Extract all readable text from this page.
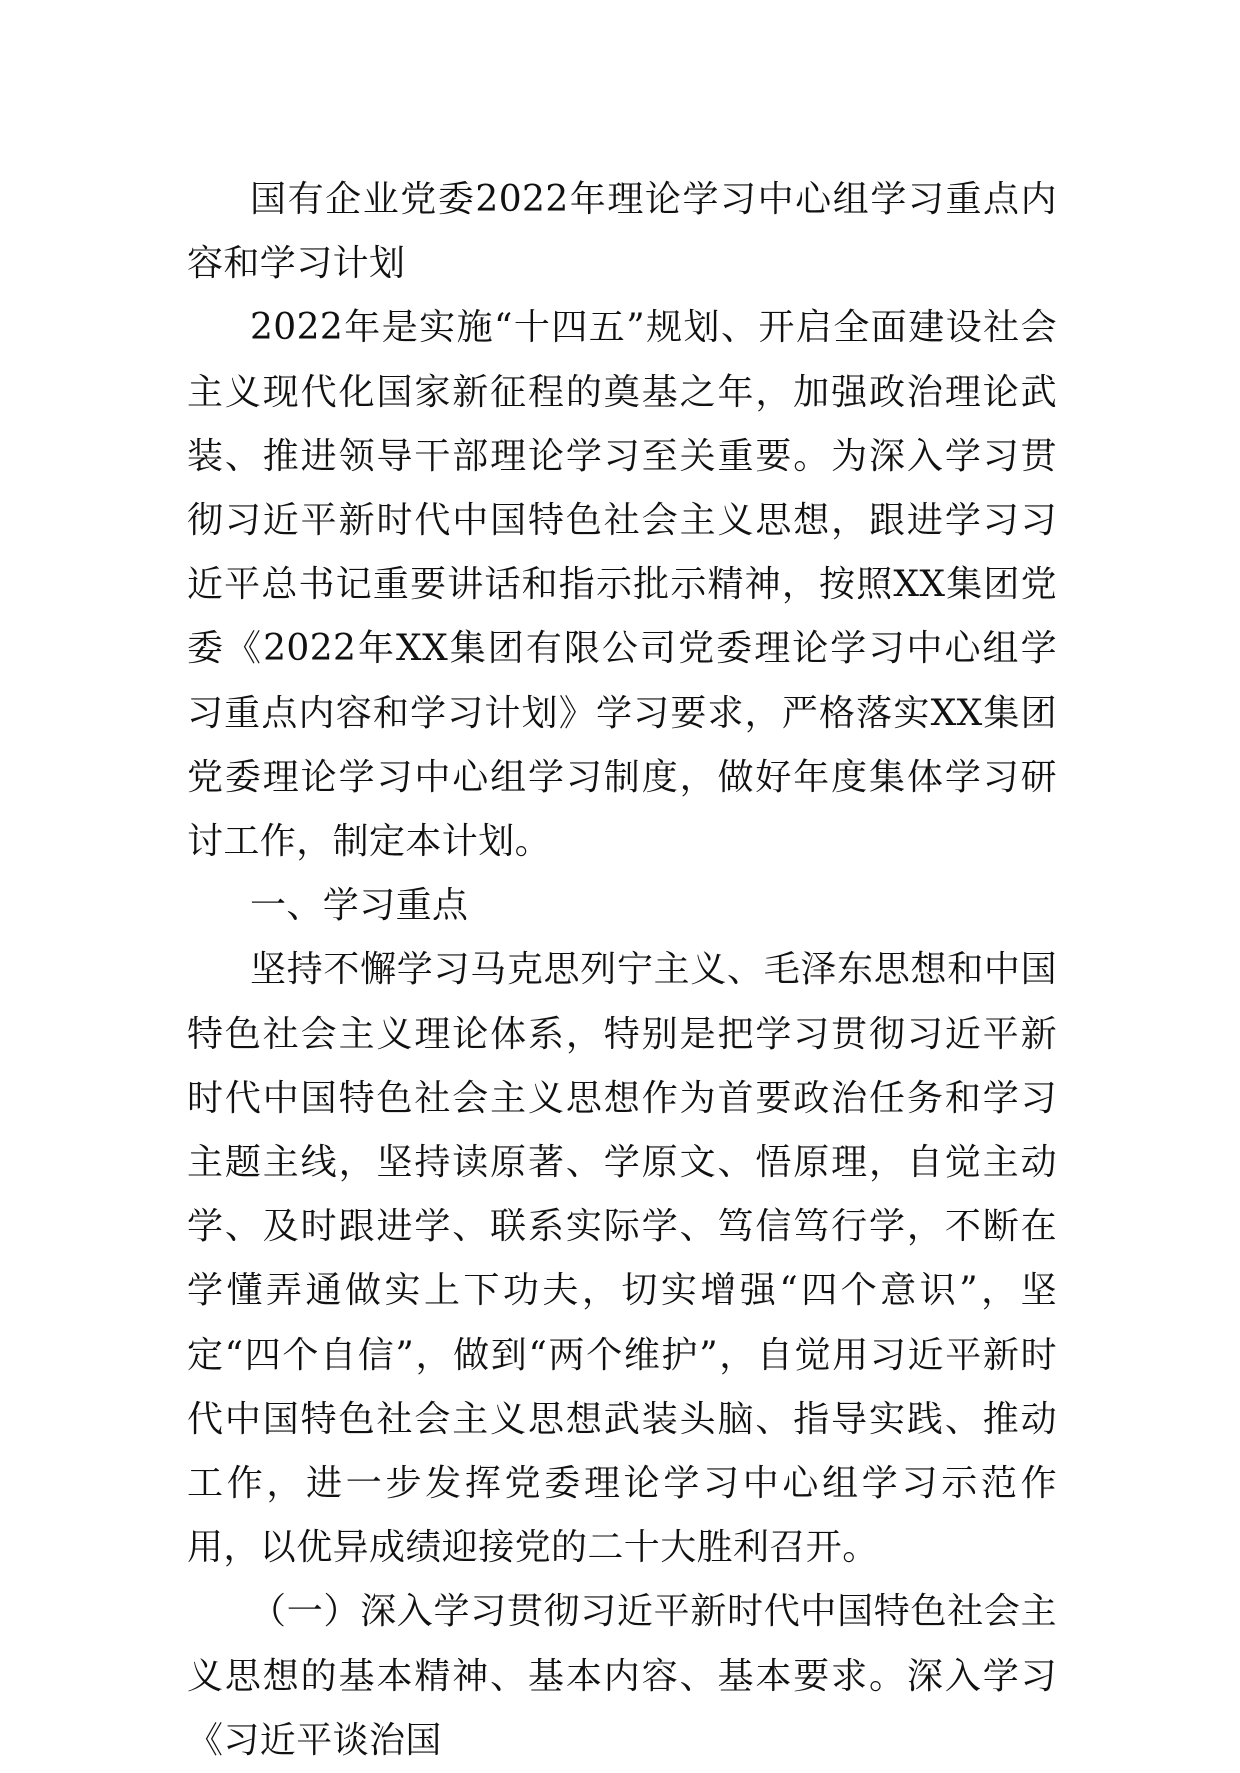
国有企业党委2022年理论学习中心组学习重点内容和学习计划

2022年是实施“十四五”规划、开启全面建设社会主义现代化国家新征程的奠基之年，加强政治理论武装、推进领导干部理论学习至关重要。为深入学习贯彻习近平新时代中国特色社会主义思想，跟进学习习近平总书记重要讲话和指示批示精神，按照XX集团党委《2022年XX集团有限公司党委理论学习中心组学习重点内容和学习计划》学习要求，严格落实XX集团党委理论学习中心组学习制度，做好年度集体学习研讨工作，制定本计划。

一、学习重点

坚持不懈学习马克思列宁主义、毛泽东思想和中国特色社会主义理论体系，特别是把学习贯彻习近平新时代中国特色社会主义思想作为首要政治任务和学习主题主线，坚持读原著、学原文、悟原理，自觉主动学、及时跟进学、联系实际学、笃信笃行学，不断在学懂弄通做实上下功夫，切实增强“四个意识”，坚定“四个自信”，做到“两个维护”，自觉用习近平新时代中国特色社会主义思想武装头脑、指导实践、推动工作，进一步发挥党委理论学习中心组学习示范作用，以优异成绩迎接党的二十大胜利召开。

（一）深入学习贯彻习近平新时代中国特色社会主义思想的基本精神、基本内容、基本要求。深入学习《习近平谈治国
